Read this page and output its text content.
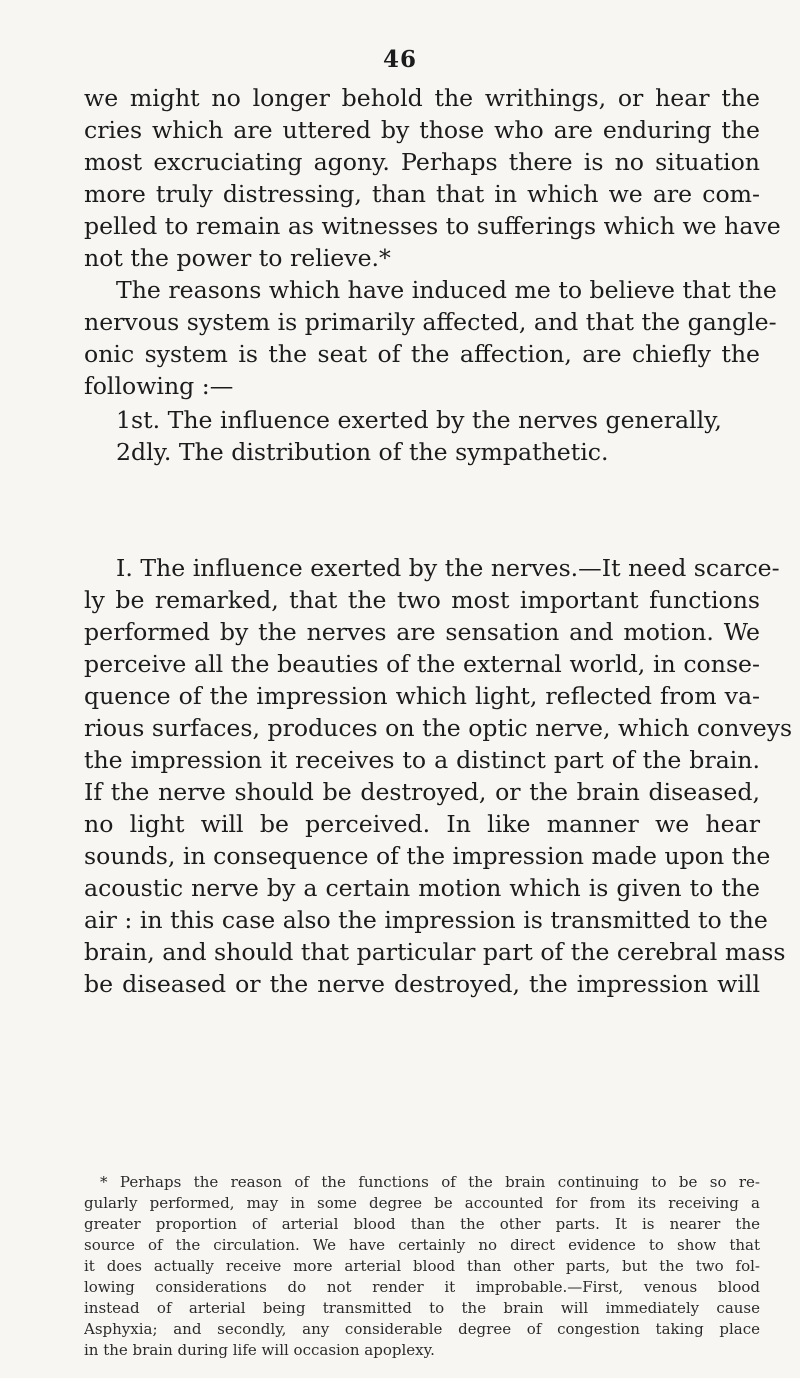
46
we might no longer behold the writhings, or hear the
cries which are uttered by those who are enduring the
most excruciating agony. Perhaps there is no situation
more truly distressing, than that in which we are com-
pelled to remain as witnesses to sufferings which we have
not the power to relieve.*
The reasons which have induced me to believe that the
nervous system is primarily affected, and that the gangle-
onic system is the seat of the affection, are chiefly the
following :—
1st. The influence exerted by the nerves generally,
2dly. The distribution of the sympathetic.
I. The influence exerted by the nerves.—It need scarce-
ly be remarked, that the two most important functions
performed by the nerves are sensation and motion. We
perceive all the beauties of the external world, in conse-
quence of the impression which light, reflected from va-
rious surfaces, produces on the optic nerve, which conveys
the impression it receives to a distinct part of the brain.
If the nerve should be destroyed, or the brain diseased,
no light will be perceived. In like manner we hear
sounds, in consequence of the impression made upon the
acoustic nerve by a certain motion which is given to the
air : in this case also the impression is transmitted to the
brain, and should that particular part of the cerebral mass
be diseased or the nerve destroyed, the impression will
* Perhaps the reason of the functions of the brain continuing to be so re-
gularly performed, may in some degree be accounted for from its receiving a
greater proportion of arterial blood than the other parts. It is nearer the
source of the circulation. We have certainly no direct evidence to show that
it does actually receive more arterial blood than other parts, but the two fol-
lowing considerations do not render it improbable.—First, venous blood
instead of arterial being transmitted to the brain will immediately cause
Asphyxia; and secondly, any considerable degree of congestion taking place
in the brain during life will occasion apoplexy.
